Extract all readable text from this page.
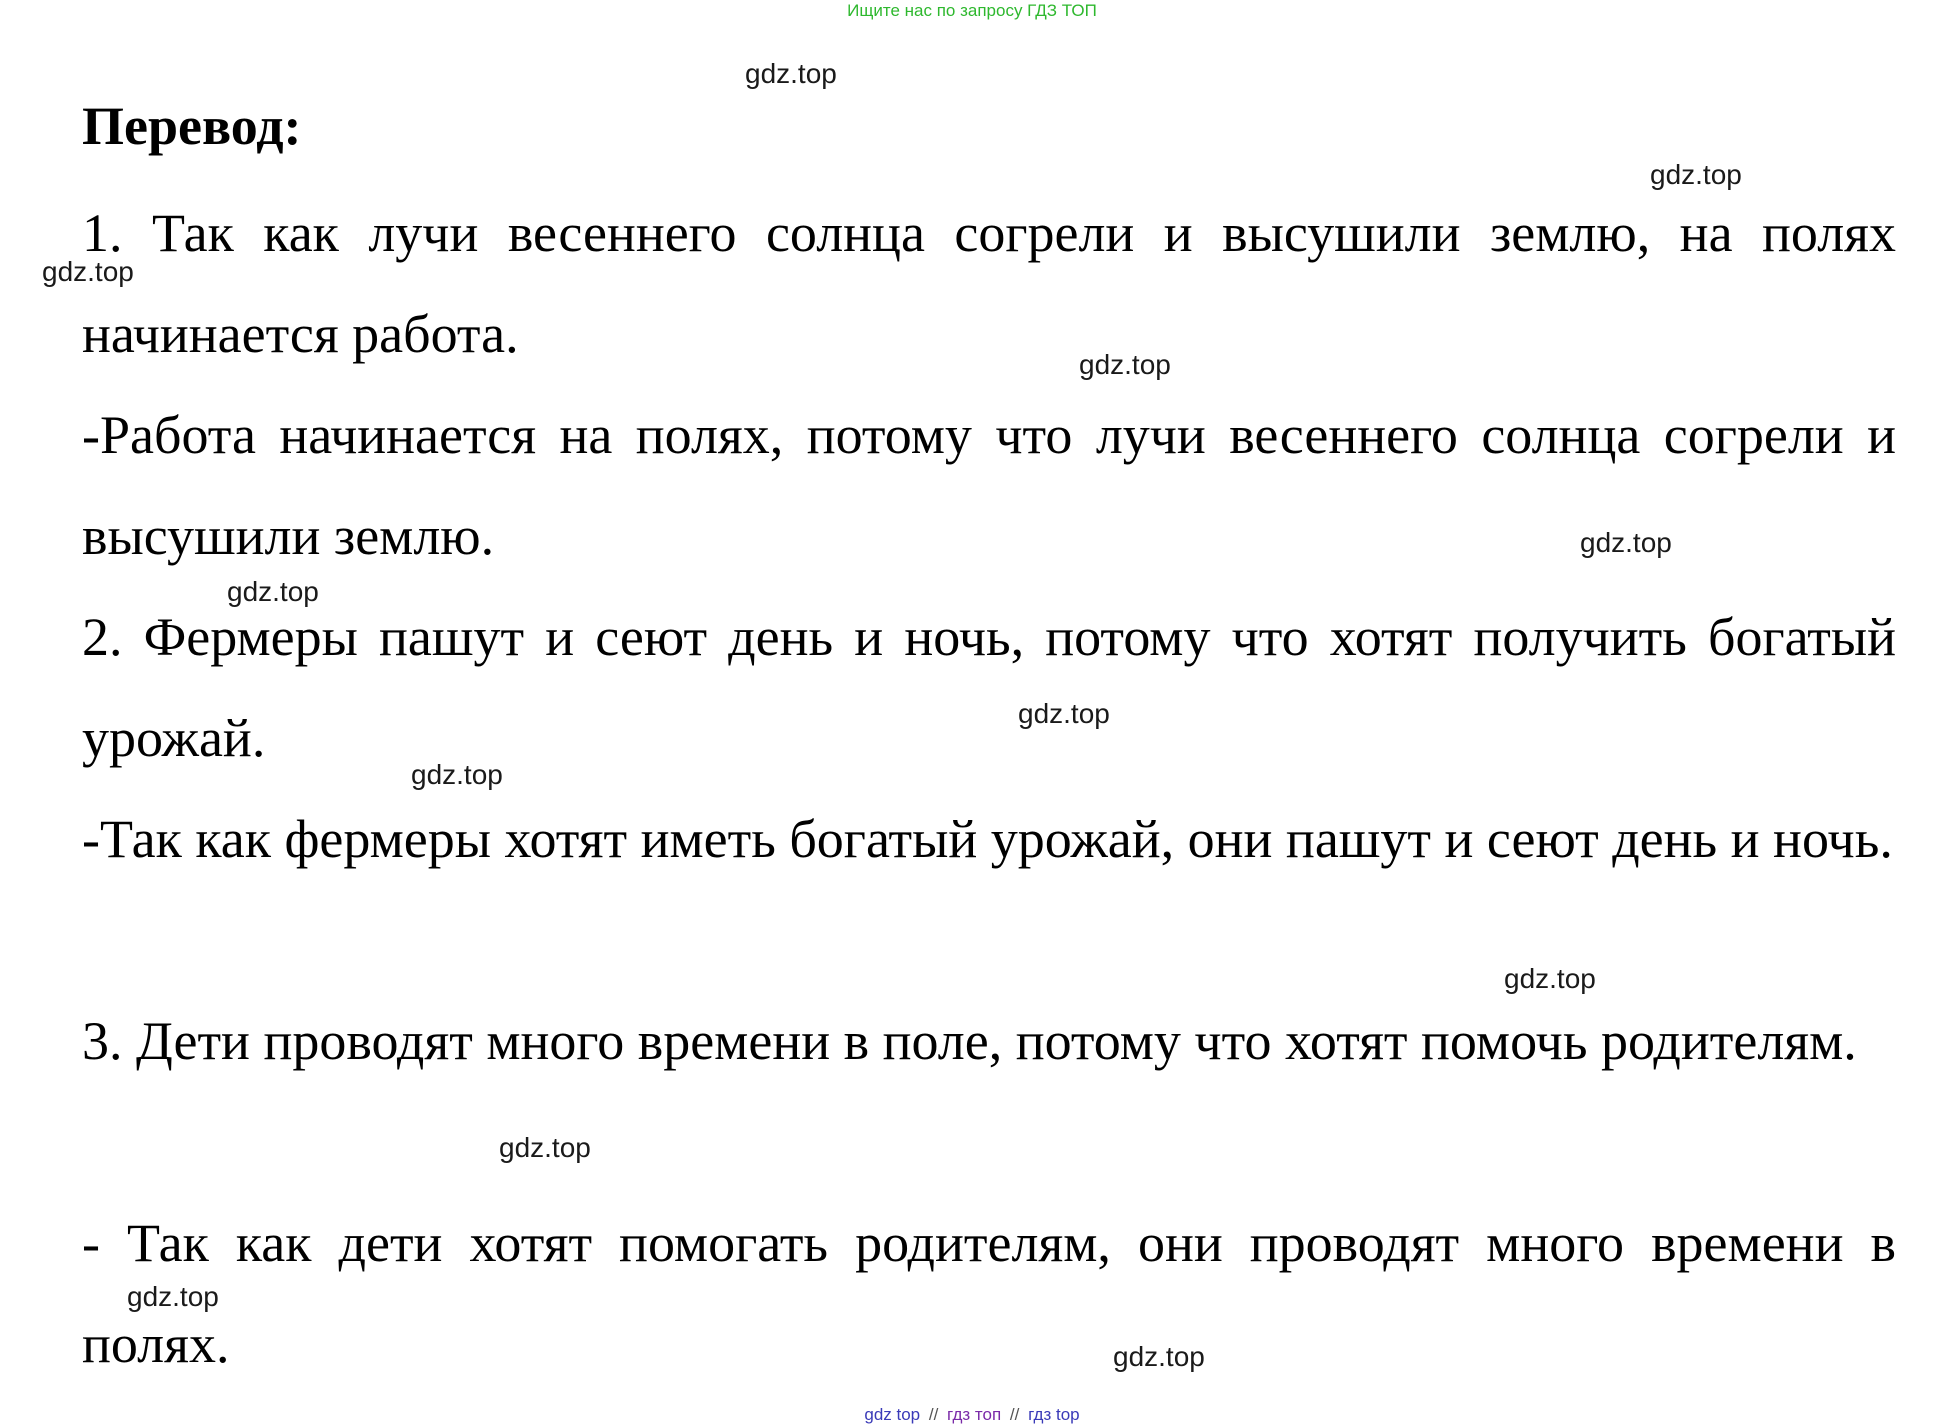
Ищите нас по запросу ГДЗ ТОП
Перевод:

1. Так как лучи весеннего солнца согрели и высушили землю, на полях начинается работа.

-Работа начинается на полях, потому что лучи весеннего солнца согрели и высушили землю.

2. Фермеры пашут и сеют день и ночь, потому что хотят получить богатый урожай.

-Так как фермеры хотят иметь богатый урожай, они пашут и сеют день и ночь.

3. Дети проводят много времени в поле, потому что хотят помочь родителям.

- Так как дети хотят помогать родителям, они проводят много времени в полях.

gdz.top
gdz.top
gdz.top
gdz.top
gdz.top
gdz.top
gdz.top
gdz.top
gdz.top
gdz.top
gdz.top
gdz.top
gdz top // гдз топ // гдз top
